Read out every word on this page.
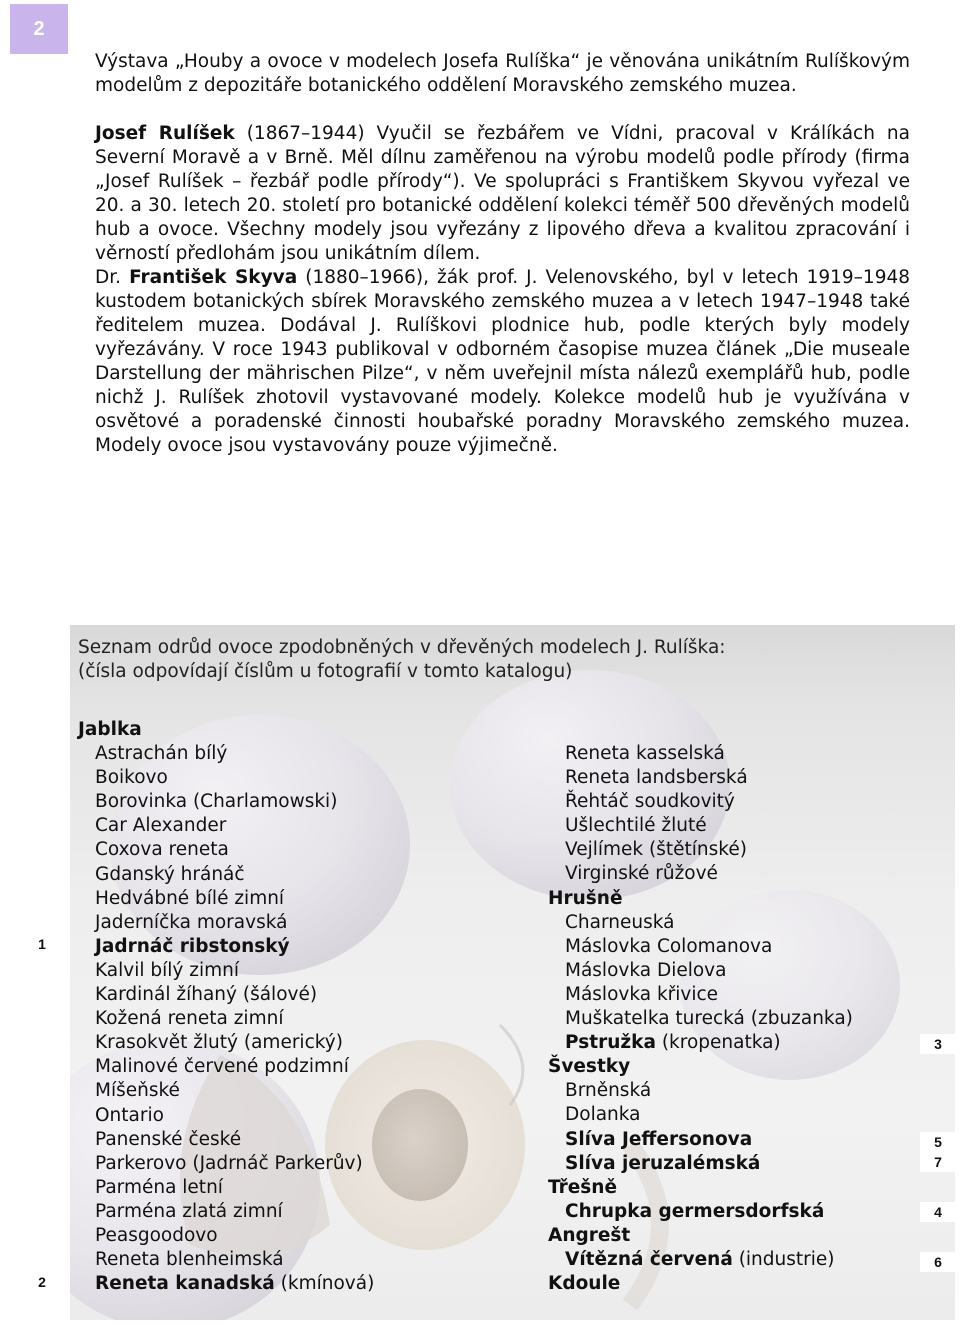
2

Výstava „Houby a ovoce v modelech Josefa Rulíška“ je věnována unikátním Rulíškovým modelům z depozitáře botanického oddělení Moravského zemského muzea.

Josef Rulíšek (1867–1944) Vyučil se řezbářem ve Vídni, pracoval v Králíkách na Severní Moravě a v Brně. Měl dílnu zaměřenou na výrobu modelů podle přírody (firma „Josef Rulíšek – řezbář podle přírody“). Ve spolupráci s Františkem Skyvou vyřezal ve 20. a 30. letech 20. století pro botanické oddělení kolekci téměř 500 dřevěných modelů hub a ovoce. Všechny modely jsou vyřezány z lipového dřeva a kvalitou zpracování i věrností předlohám jsou unikátním dílem.

Dr. František Skyva (1880–1966), žák prof. J. Velenovského, byl v letech 1919–1948 kustodem botanických sbírek Moravského zemského muzea a v letech 1947–1948 také ředitelem muzea. Dodával J. Rulíškovi plodnice hub, podle kterých byly modely vyřezávány. V roce 1943 publikoval v odborném časopise muzea článek „Die museale Darstellung der mährischen Pilze“, v něm uveřejnil místa nálezů exemplářů hub, podle nichž J. Rulíšek zhotovil vystavované modely. Kolekce modelů hub je využívána v osvětové a poradenské činnosti houbařské poradny Moravského zemského muzea. Modely ovoce jsou vystavovány pouze výjimečně.

Seznam odrůd ovoce zpodobněných v dřevěných modelech J. Rulíška:
(čísla odpovídají číslům u fotografií v tomto katalogu)
Jablka
Astrachán bílý
Boikovo
Borovinka (Charlamowski)
Car Alexander
Coxova reneta
Gdanský hránáč
Hedvábné bílé zimní
Jaderníčka moravská
Jadrnáč ribstonský
Kalvil bílý zimní
Kardinál žíhaný (šálové)
Kožená reneta zimní
Krasokvět žlutý (americký)
Malinové červené podzimní
Míšeňské
Ontario
Panenské české
Parkerovo (Jadrnáč Parkerův)
Parména letní
Parména zlatá zimní
Peasgoodovo
Reneta blenheimská
Reneta kanadská (kmínová)
Reneta kasselská
Reneta landsberská
Řehtáč soudkovitý
Ušlechtilé žluté
Vejlímek (štětínské)
Virginské růžové
Hrušně
Charneuská
Máslovka Colomanova
Máslovka Dielova
Máslovka křivice
Muškatelka turecká (zbuzanka)
Pstružka (kropenatka)
Švestky
Brněnská
Dolanka
Slíva Jeffersonova
Slíva jeruzalémská
Třešně
Chrupka germersdorfská
Angrešt
Vítězná červená (industrie)
Kdoule
1
2
3
5
7
4
6
